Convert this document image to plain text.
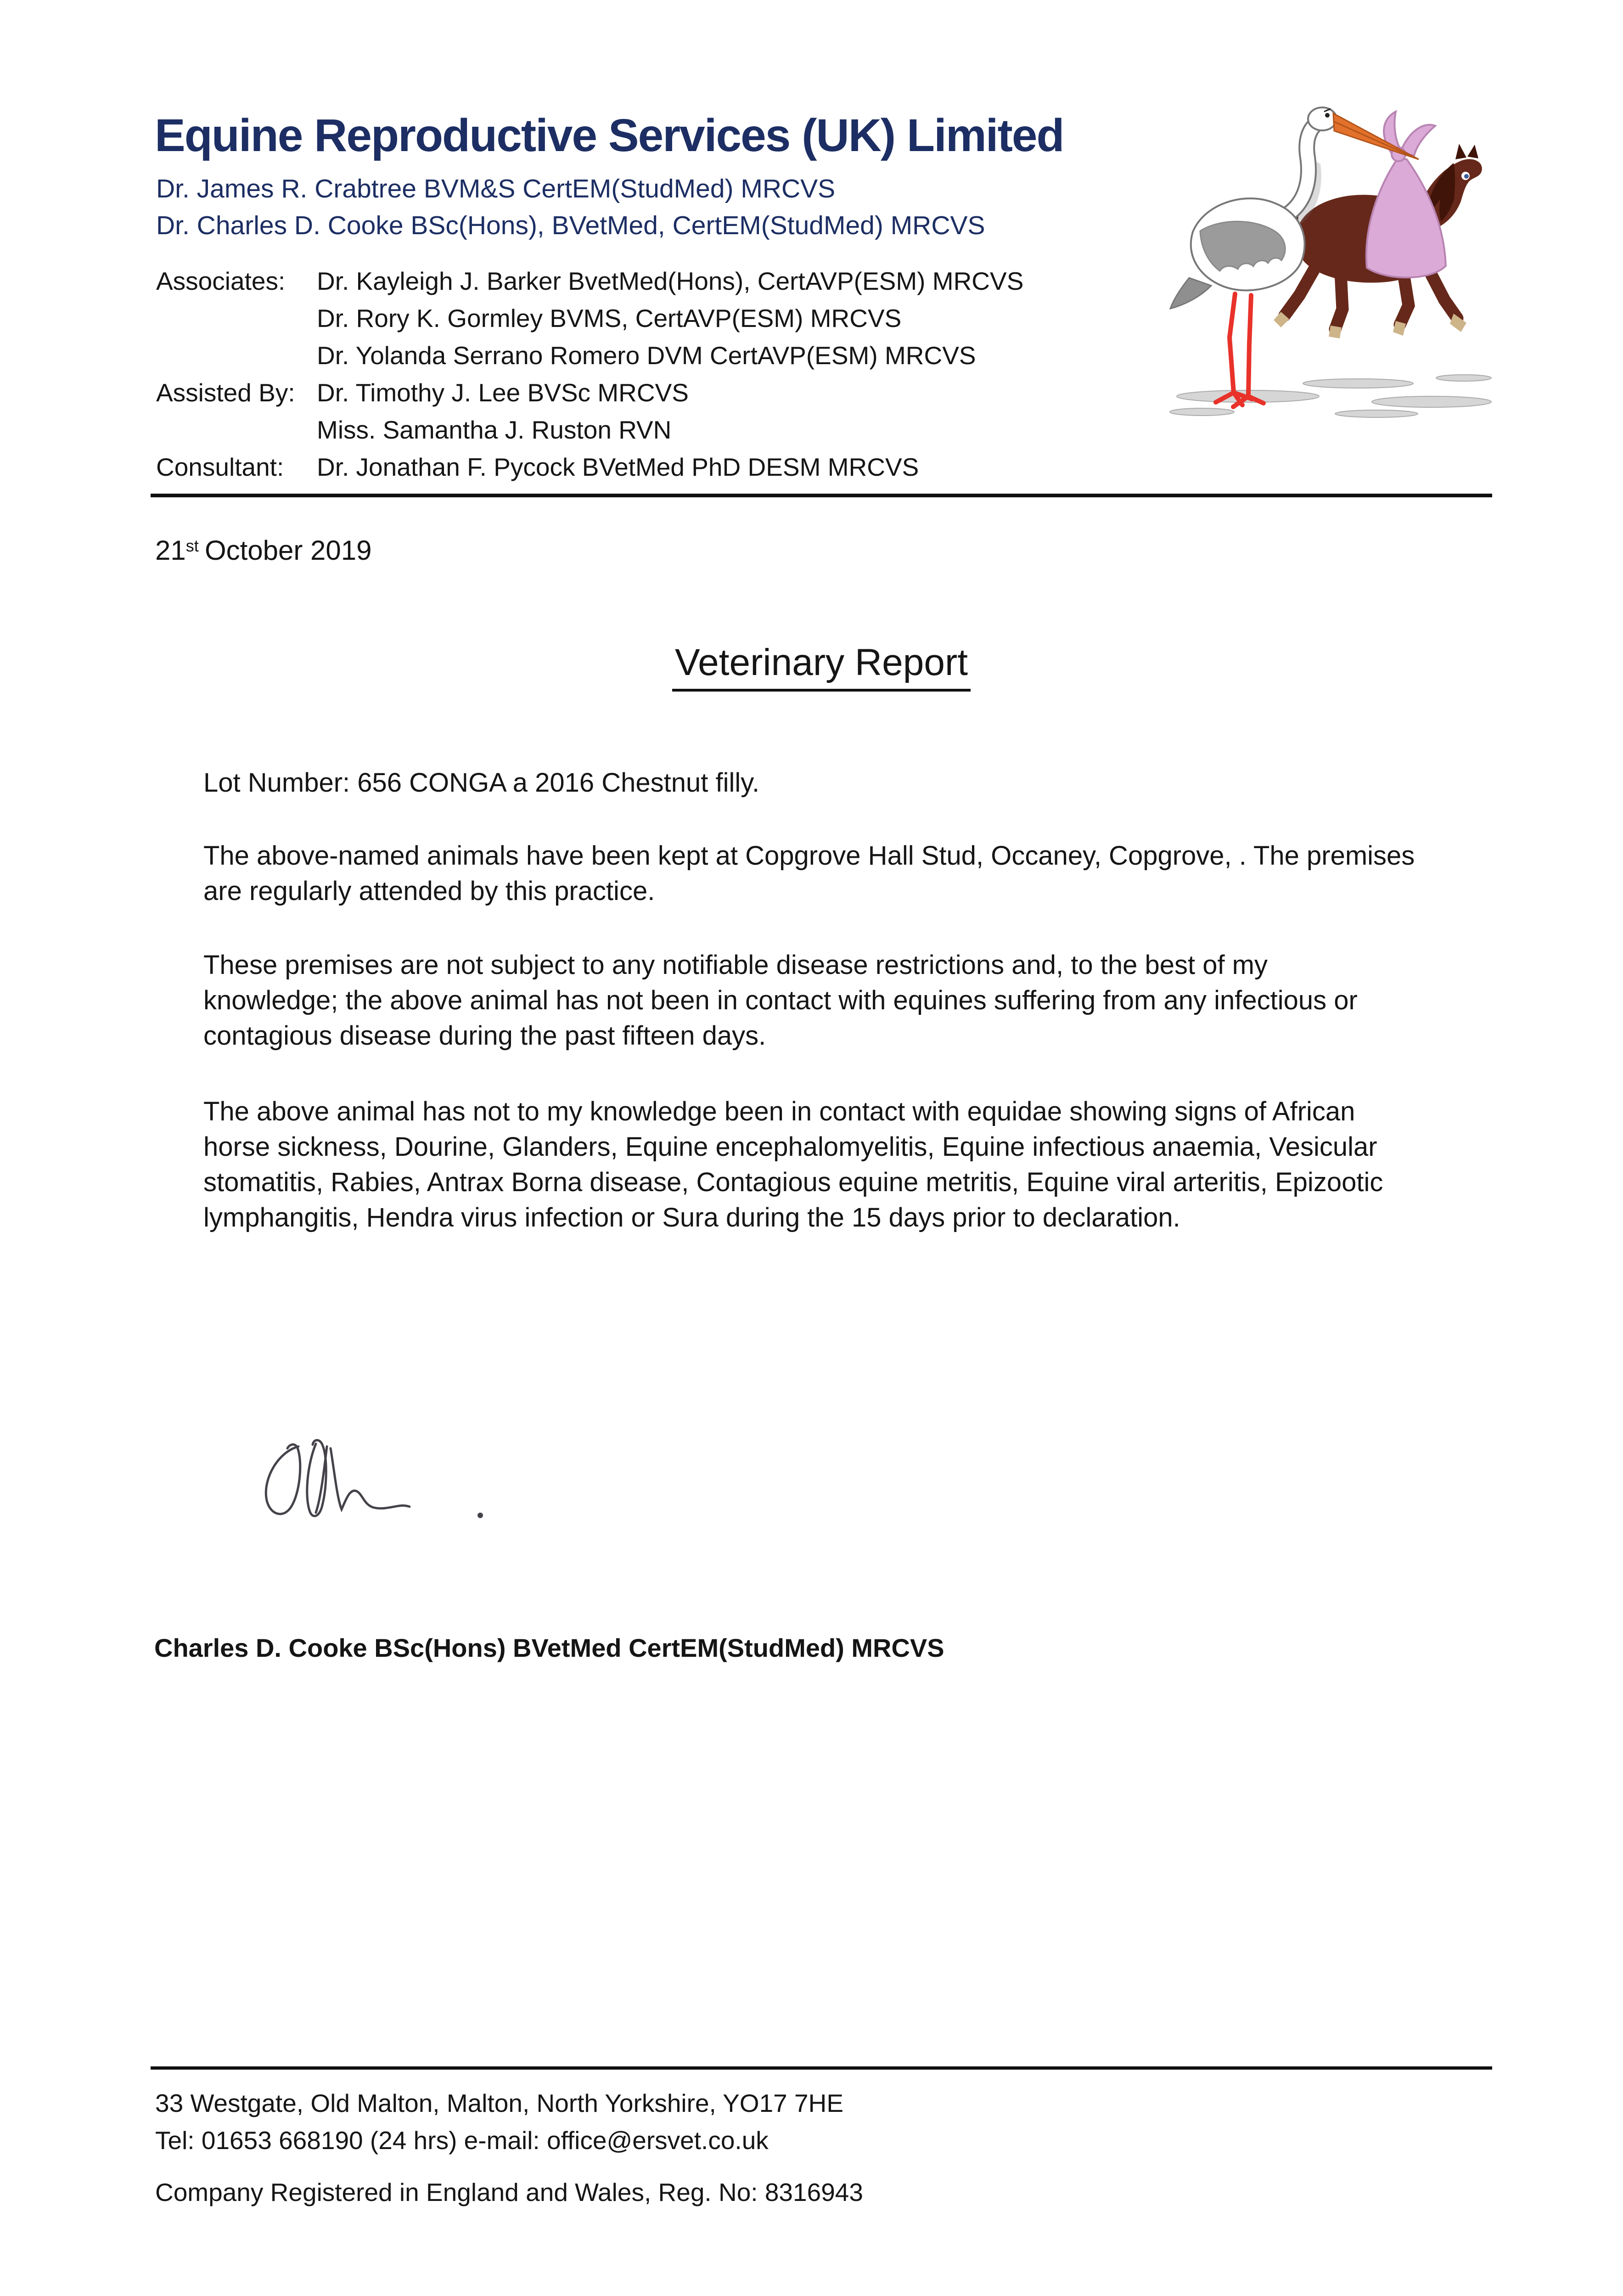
Equine Reproductive Services (UK) Limited
Dr. James R. Crabtree BVM&S CertEM(StudMed) MRCVS
Dr. Charles D. Cooke BSc(Hons), BVetMed, CertEM(StudMed) MRCVS
Associates:	Dr. Kayleigh J. Barker BvetMed(Hons), CertAVP(ESM) MRCVS
Dr. Rory K. Gormley BVMS, CertAVP(ESM) MRCVS
Dr. Yolanda Serrano Romero DVM CertAVP(ESM) MRCVS
Assisted By: Dr. Timothy J. Lee BVSc MRCVS
Miss. Samantha J. Ruston RVN
Consultant:	Dr. Jonathan F. Pycock BVetMed PhD DESM MRCVS
21st October 2019
Veterinary Report
Lot Number: 656 CONGA a 2016 Chestnut filly.
The above-named animals have been kept at Copgrove Hall Stud, Occaney, Copgrove, . The premises
are regularly attended by this practice.
These premises are not subject to any notifiable disease restrictions and, to the best of my
knowledge; the above animal has not been in contact with equines suffering from any infectious or
contagious disease during the past fifteen days.
The above animal has not to my knowledge been in contact with equidae showing signs of African
horse sickness, Dourine, Glanders, Equine encephalomyelitis, Equine infectious anaemia, Vesicular
stomatitis, Rabies, Antrax Borna disease, Contagious equine metritis, Equine viral arteritis, Epizootic
lymphangitis, Hendra virus infection or Sura during the 15 days prior to declaration.
Charles D. Cooke BSc(Hons) BVetMed CertEM(StudMed) MRCVS
33 Westgate, Old Malton, Malton, North Yorkshire, YO17 7HE
Tel: 01653 668190 (24 hrs) e-mail: office@ersvet.co.uk
Company Registered in England and Wales, Reg. No: 8316943
